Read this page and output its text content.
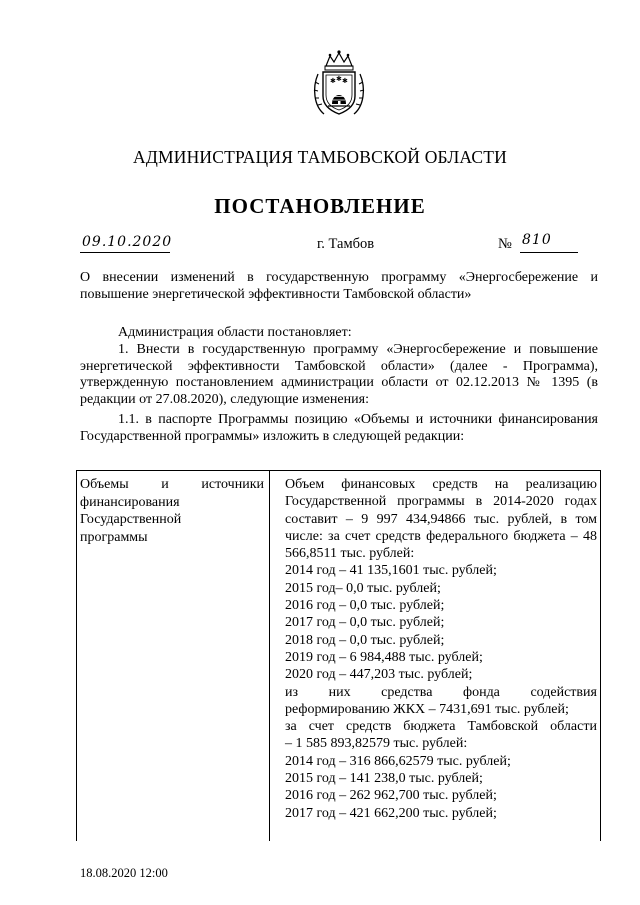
✱ ✱ ✱
АДМИНИСТРАЦИЯ ТАМБОВСКОЙ ОБЛАСТИ
ПОСТАНОВЛЕНИЕ
09.10.2020	г. Тамбов	№ 810
О внесении изменений в государственную программу «Энергосбережение и повышение энергетической эффективности Тамбовской области»
Администрация области постановляет:
1. Внести в государственную программу «Энергосбережение и повышение энергетической эффективности Тамбовской области» (далее - Программа), утвержденную постановлением администрации области от 02.12.2013 № 1395 (в редакции от 27.08.2020), следующие изменения:
1.1. в паспорте Программы позицию «Объемы и источники финансирования Государственной программы» изложить в следующей редакции:
Объемы и источники
финансирования
Государственной
программы

Объем финансовых средств на реализацию Государственной программы в 2014-2020 годах составит – 9 997 434,94866 тыс. рублей, в том числе: за счет средств федерального бюджета – 48 566,8511 тыс. рублей:

2014 год – 41 135,1601 тыс. рублей;
2015 год– 0,0 тыс. рублей;
2016 год – 0,0 тыс. рублей;
2017 год – 0,0 тыс. рублей;
2018 год – 0,0 тыс. рублей;
2019 год – 6 984,488 тыс. рублей;
2020 год – 447,203 тыс. рублей;
из них средства фонда содействия
реформированию ЖКХ – 7431,691 тыс. рублей;
за счет средств бюджета Тамбовской области
– 1 585 893,82579 тыс. рублей:
2014 год – 316 866,62579 тыс. рублей;
2015 год – 141 238,0 тыс. рублей;
2016 год – 262 962,700 тыс. рублей;
2017 год – 421 662,200 тыс. рублей;
18.08.2020 12:00
